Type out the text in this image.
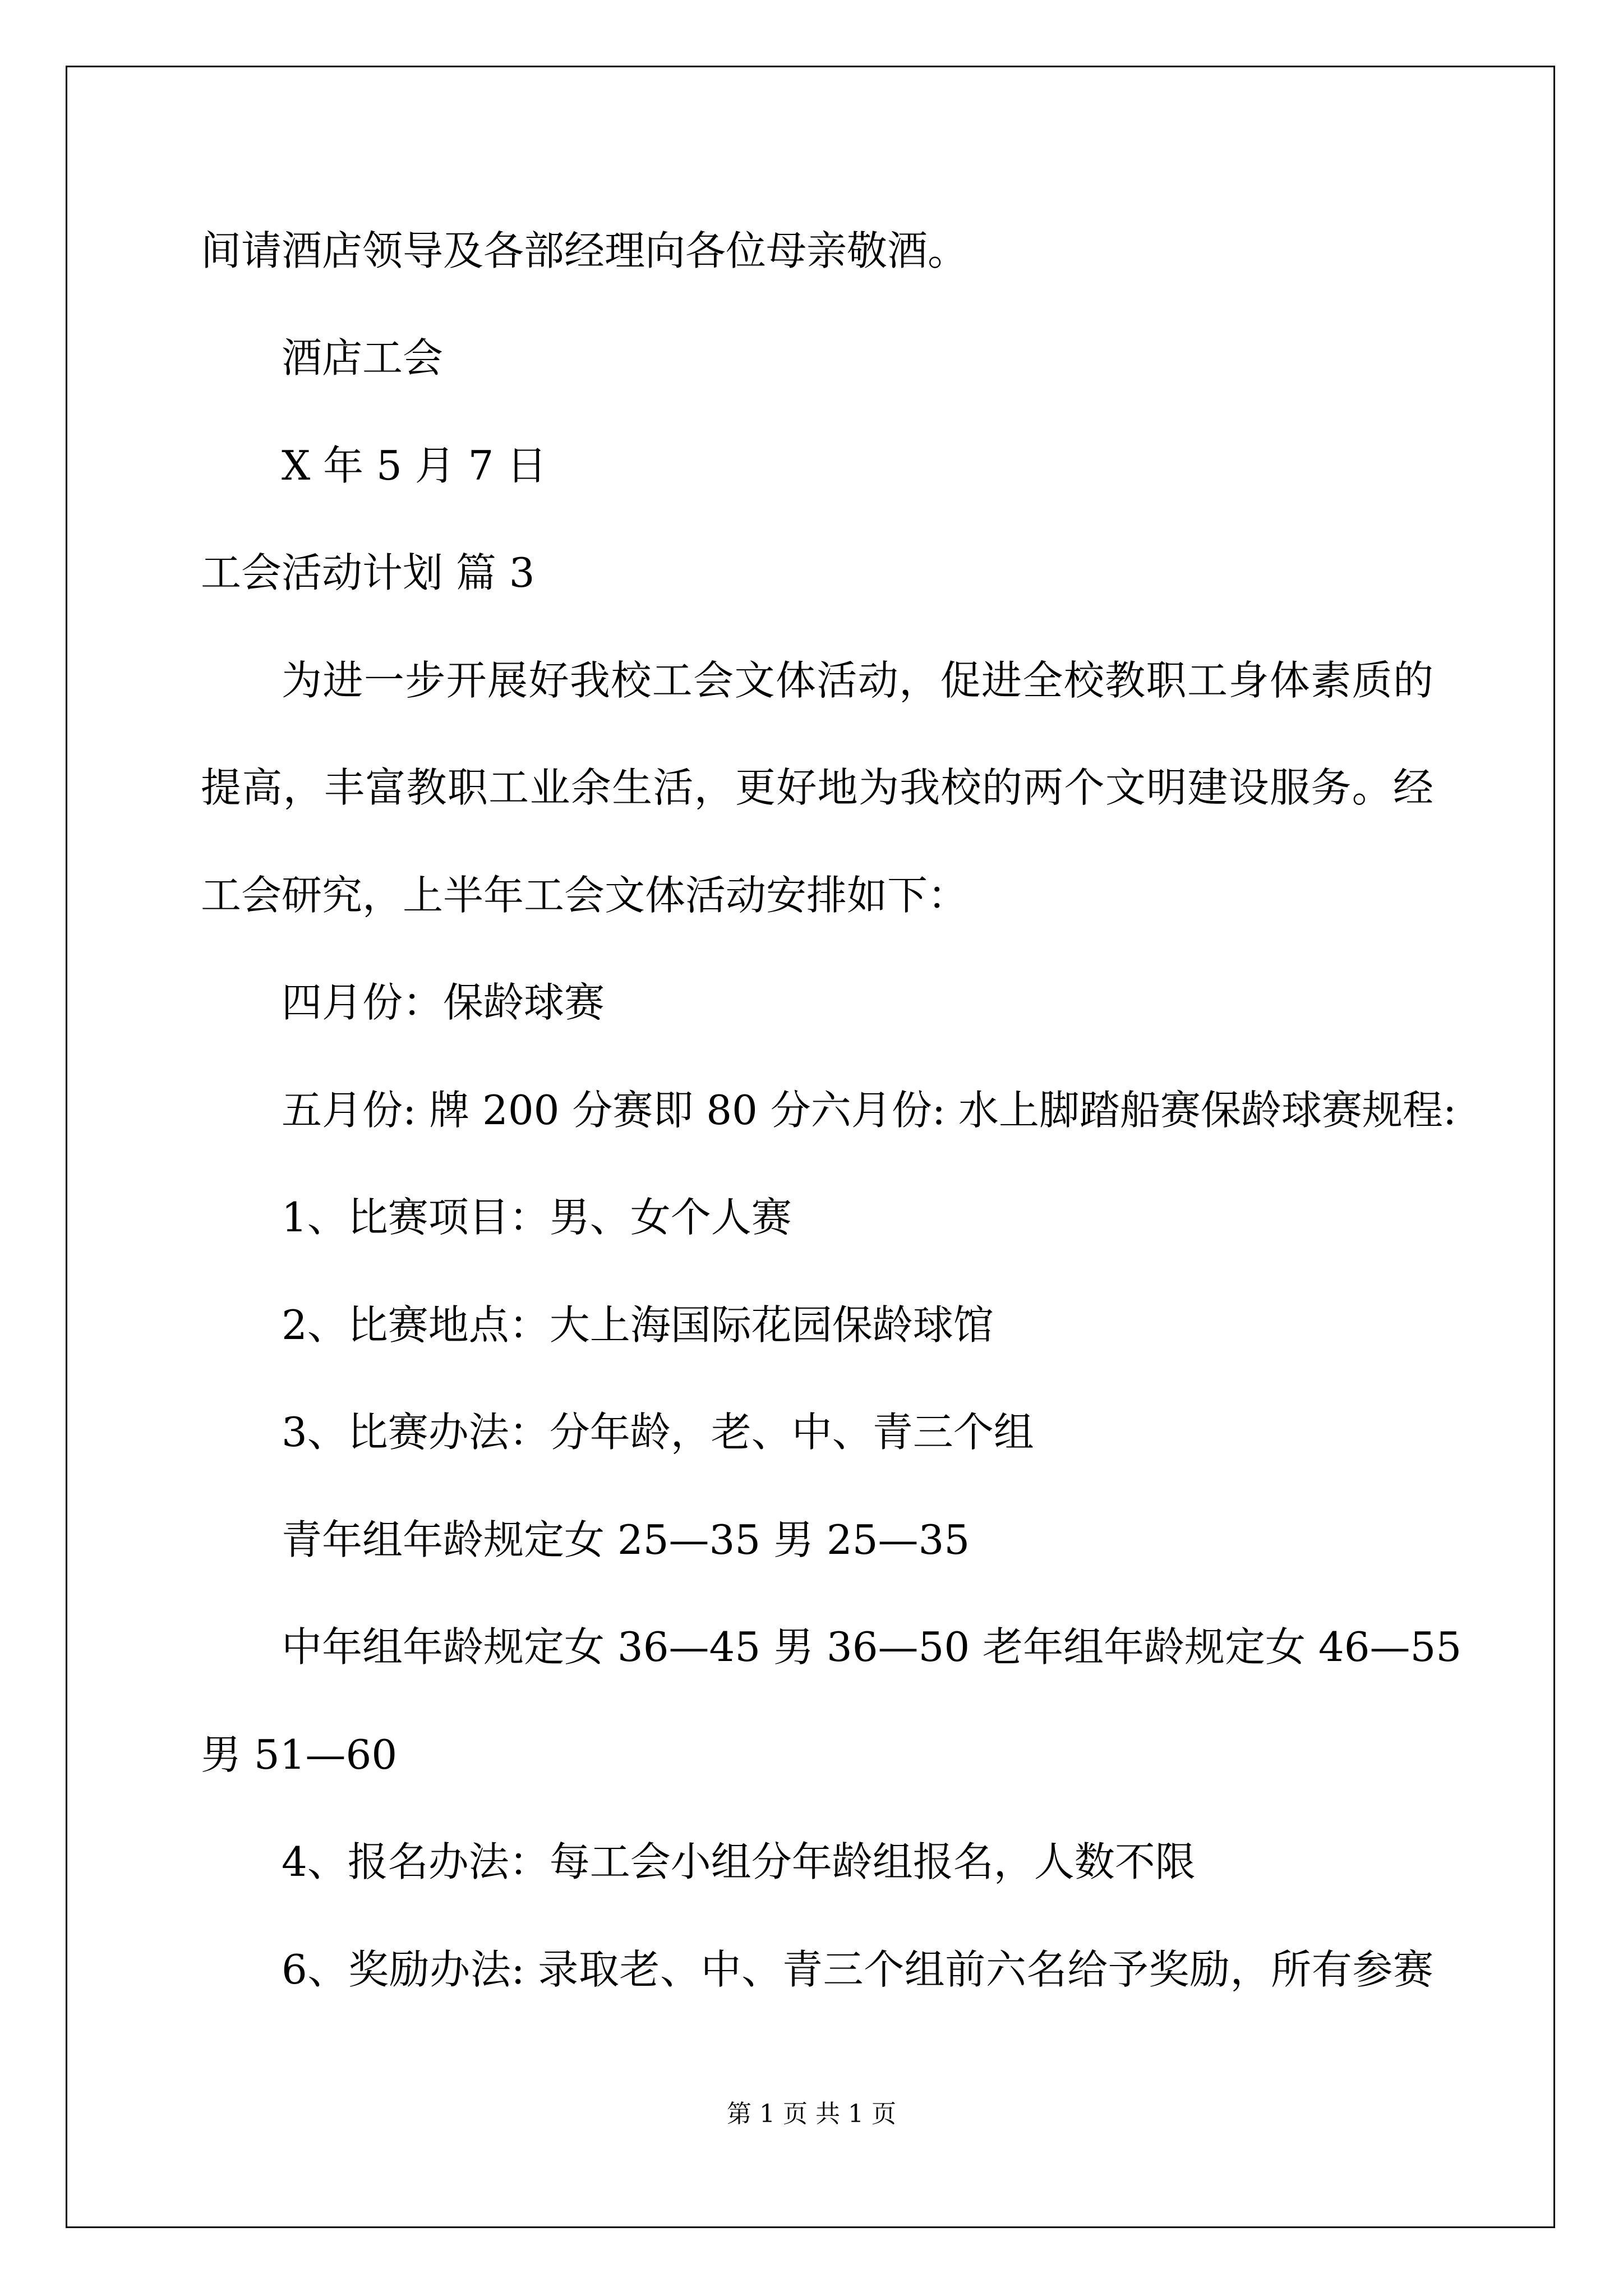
间请酒店领导及各部经理向各位母亲敬酒。
酒店工会
X 年 5 月 7 日
工会活动计划 篇 3
为进一步开展好我校工会文体活动，促进全校教职工身体素质的
提高，丰富教职工业余生活，更好地为我校的两个文明建设服务。经
工会研究，上半年工会文体活动安排如下：
四月份：保龄球赛
五月份: 牌 200 分赛即 80 分六月份: 水上脚踏船赛保龄球赛规程:
1、比赛项目：男、女个人赛
2、比赛地点：大上海国际花园保龄球馆
3、比赛办法：分年龄，老、中、青三个组
青年组年龄规定女 25—35 男 25—35
中年组年龄规定女 36—45 男 36—50 老年组年龄规定女 46—55
男 51—60
4、报名办法：每工会小组分年龄组报名，人数不限
6、奖励办法: 录取老、中、青三个组前六名给予奖励，所有参赛
第 1 页 共 1 页
